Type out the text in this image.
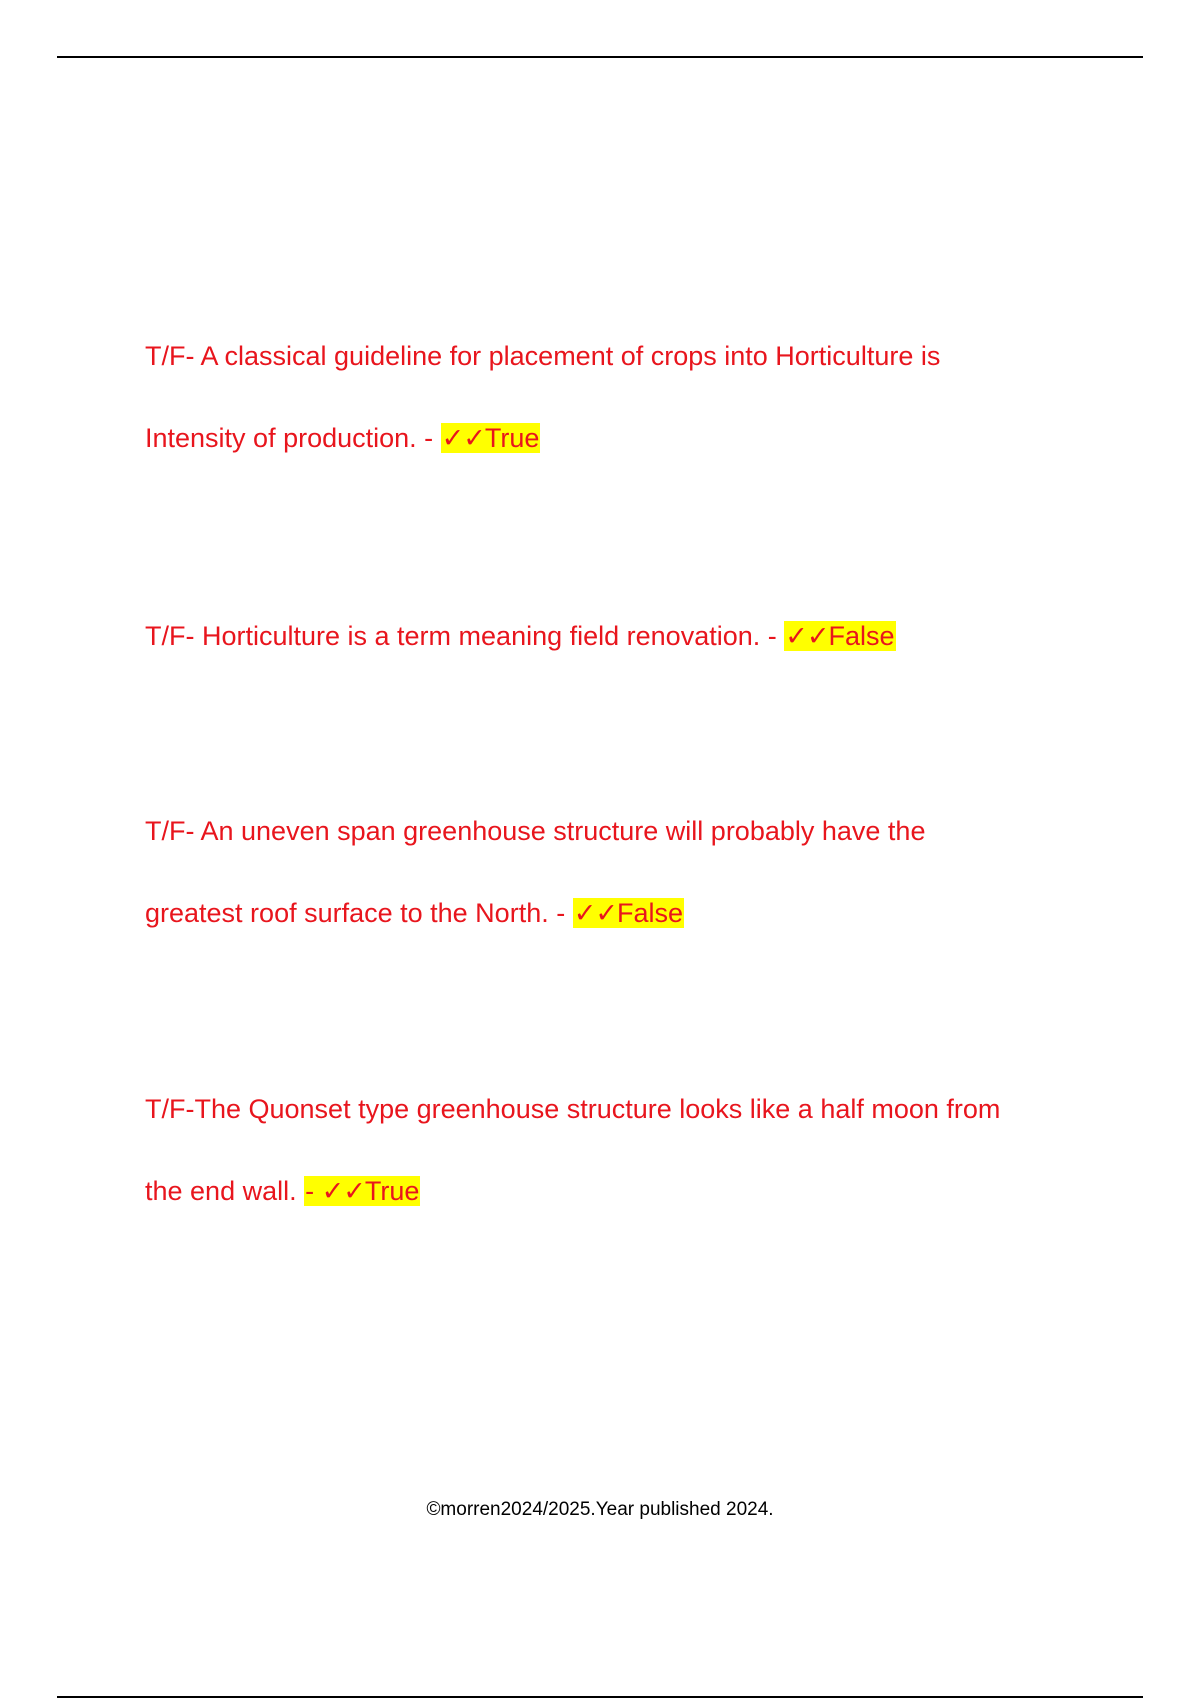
T/F- A classical guideline for placement of crops into Horticulture is
Intensity of production. - ✓✓True
T/F- Horticulture is a term meaning field renovation. - ✓✓False
T/F- An uneven span greenhouse structure will probably have the
greatest roof surface to the North. - ✓✓False
T/F-The Quonset type greenhouse structure looks like a half moon from
the end wall. - ✓✓True
©morren2024/2025.Year published 2024.
